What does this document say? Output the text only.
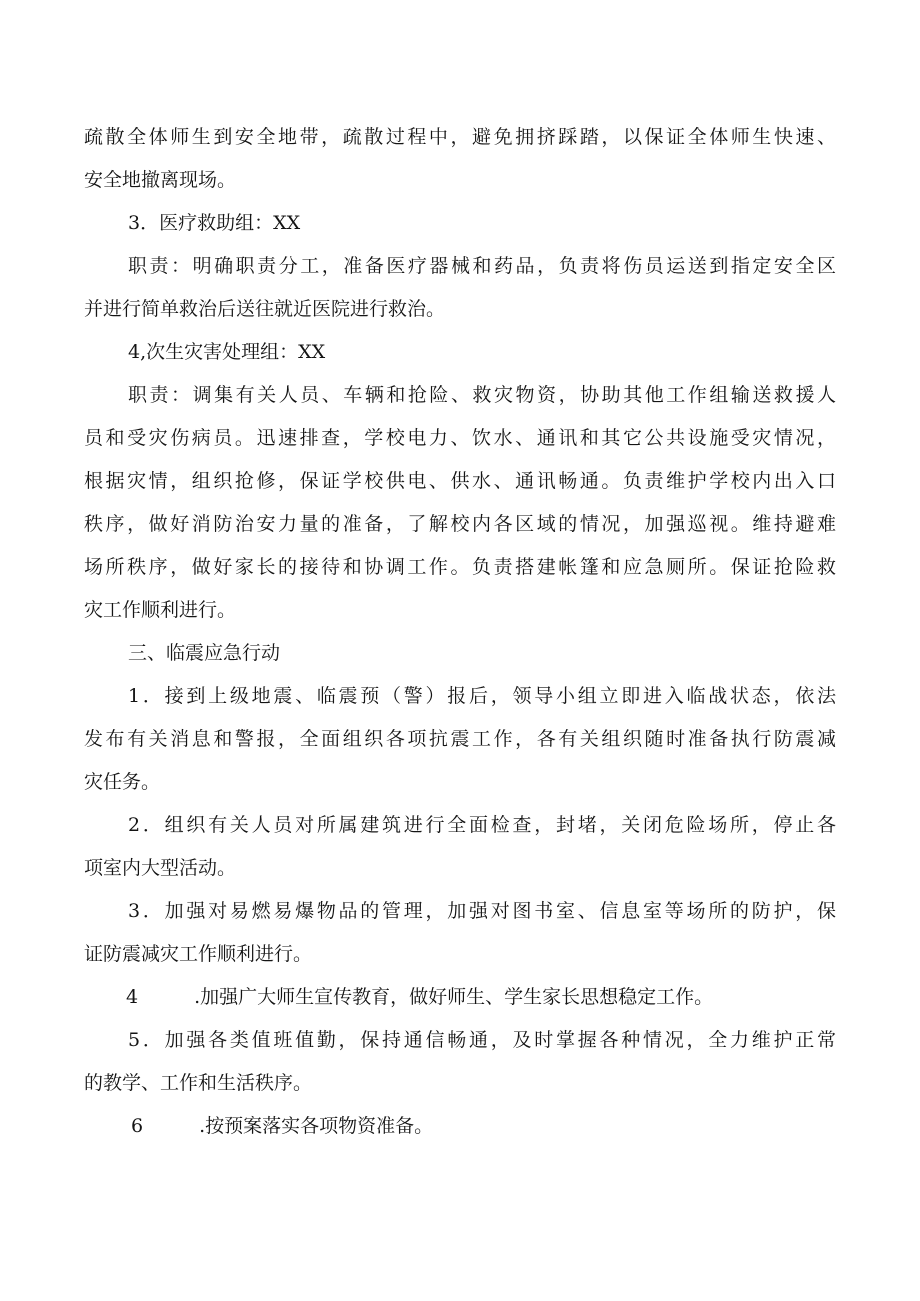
疏散全体师生到安全地带，疏散过程中，避免拥挤踩踏，以保证全体师生快速、

安全地撤离现场。

3．医疗救助组：XX

职责：明确职责分工，准备医疗器械和药品，负责将伤员运送到指定安全区

并进行简单救治后送往就近医院进行救治。

4,次生灾害处理组：XX

职责：调集有关人员、车辆和抢险、救灾物资，协助其他工作组输送救援人

员和受灾伤病员。迅速排查，学校电力、饮水、通讯和其它公共设施受灾情况，

根据灾情，组织抢修，保证学校供电、供水、通讯畅通。负责维护学校内出入口

秩序，做好消防治安力量的准备，了解校内各区域的情况，加强巡视。维持避难

场所秩序，做好家长的接待和协调工作。负责搭建帐篷和应急厕所。保证抢险救

灾工作顺利进行。

三、临震应急行动

1．接到上级地震、临震预（警）报后，领导小组立即进入临战状态，依法

发布有关消息和警报，全面组织各项抗震工作，各有关组织随时准备执行防震减

灾任务。

2．组织有关人员对所属建筑进行全面检查，封堵，关闭危险场所，停止各

项室内大型活动。

3．加强对易燃易爆物品的管理，加强对图书室、信息室等场所的防护，保

证防震减灾工作顺利进行。

4	.加强广大师生宣传教育，做好师生、学生家长思想稳定工作。

5．加强各类值班值勤，保持通信畅通，及时掌握各种情况，全力维护正常

的教学、工作和生活秩序。

6	.按预案落实各项物资准备。
